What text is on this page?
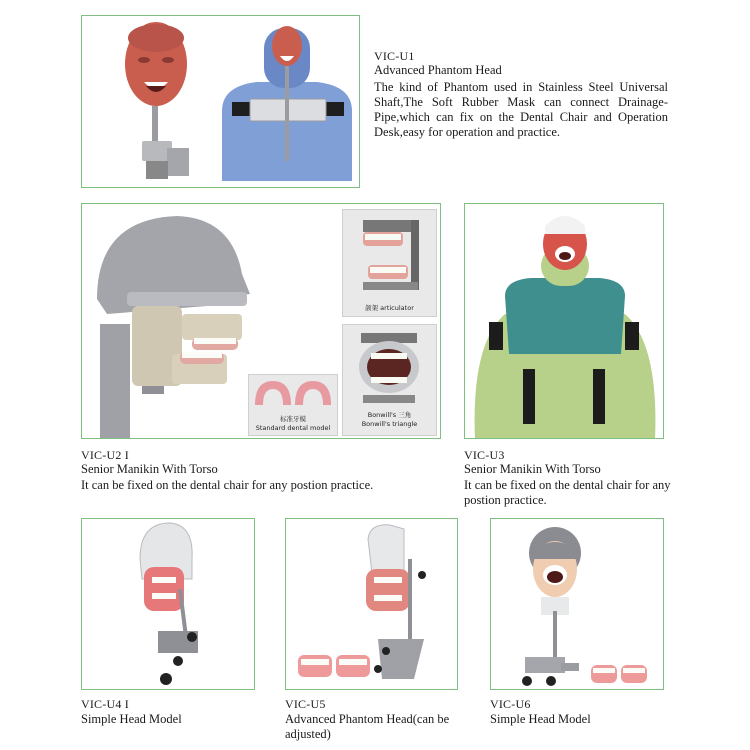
VIC-U1
Advanced Phantom Head
The kind of Phantom used in Stainless Steel Universal Shaft,The Soft Rubber Mask can connect Drainage-Pipe,which can fix on the Dental Chair and Operation Desk,easy for operation and practice.
颌架 articulator
标准牙模
Standard dental model
Bonwill's 三角
Bonwill's triangle
VIC-U2 I
Senior Manikin With Torso
It can be fixed on the dental chair for any postion practice.
VIC-U3
Senior Manikin With Torso
It can be fixed on the dental chair for any postion practice.
VIC-U4 I
Simple Head Model
VIC-U5
Advanced Phantom Head(can be adjusted)
VIC-U6
Simple Head Model
